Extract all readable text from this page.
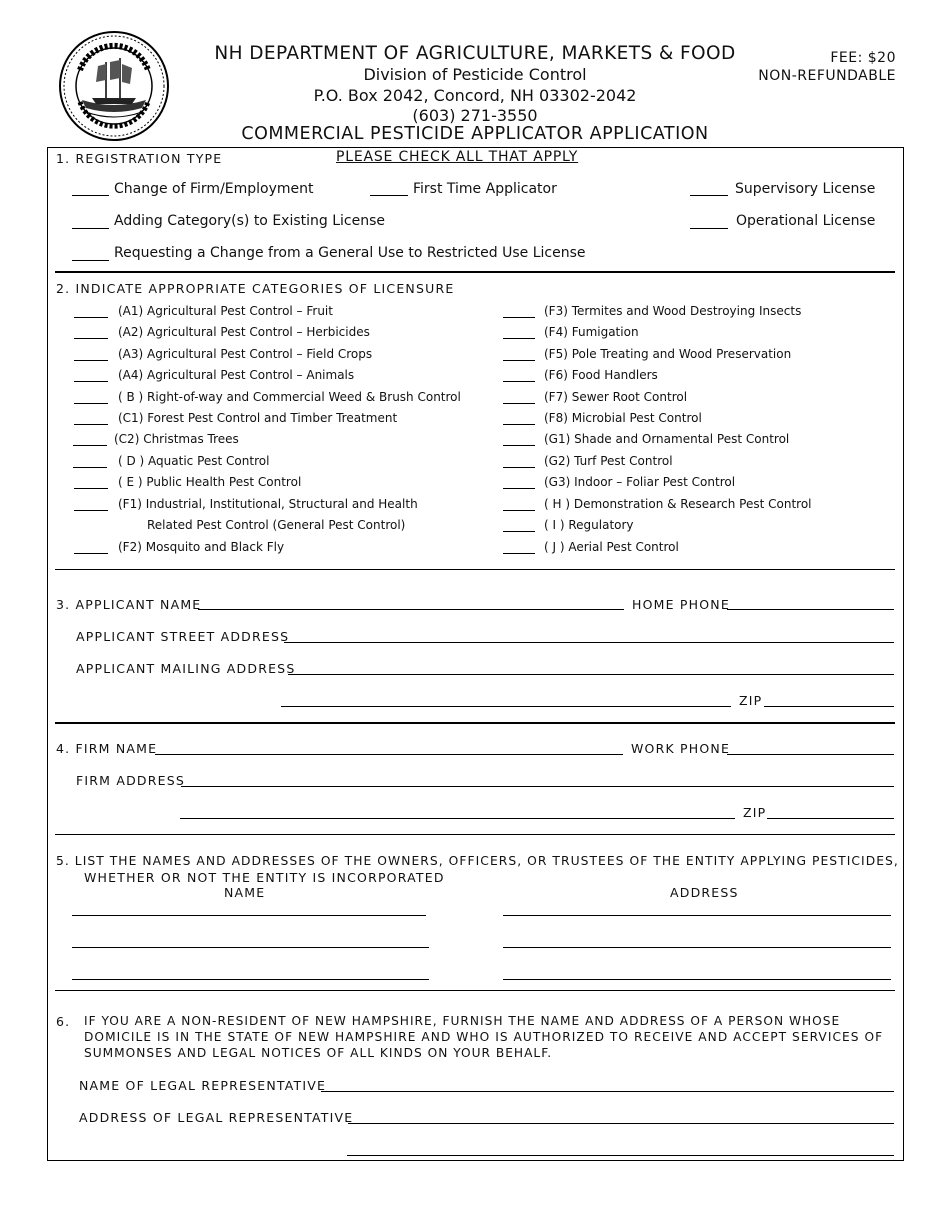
NH DEPARTMENT OF AGRICULTURE, MARKETS & FOOD
Division of Pesticide Control
P.O. Box 2042, Concord, NH 03302-2042
(603) 271-3550
COMMERCIAL PESTICIDE APPLICATOR APPLICATION
FEE: $20
NON-REFUNDABLE
1. REGISTRATION TYPE	PLEASE CHECK ALL THAT APPLY
Change of Firm/Employment	First Time Applicator	Supervisory License
Adding Category(s) to Existing License	Operational License
Requesting a Change from a General Use to Restricted Use License
2. INDICATE APPROPRIATE CATEGORIES OF LICENSURE
(A1) Agricultural Pest Control – Fruit
(A2) Agricultural Pest Control – Herbicides
(A3) Agricultural Pest Control – Field Crops
(A4) Agricultural Pest Control – Animals
( B ) Right-of-way and Commercial Weed & Brush Control
(C1) Forest Pest Control and Timber Treatment
(C2) Christmas Trees
( D ) Aquatic Pest Control
( E ) Public Health Pest Control
(F1) Industrial, Institutional, Structural and Health
Related Pest Control (General Pest Control)
(F2) Mosquito and Black Fly
(F3) Termites and Wood Destroying Insects
(F4) Fumigation
(F5) Pole Treating and Wood Preservation
(F6) Food Handlers
(F7) Sewer Root Control
(F8) Microbial Pest Control
(G1) Shade and Ornamental Pest Control
(G2) Turf Pest Control
(G3) Indoor – Foliar Pest Control
( H ) Demonstration & Research Pest Control
( I ) Regulatory
( J ) Aerial Pest Control
3. APPLICANT NAME	HOME PHONE
APPLICANT STREET ADDRESS
APPLICANT MAILING ADDRESS
ZIP
4. FIRM NAME	WORK PHONE
FIRM ADDRESS
ZIP
5. LIST THE NAMES AND ADDRESSES OF THE OWNERS, OFFICERS, OR TRUSTEES OF THE ENTITY APPLYING PESTICIDES,
WHETHER OR NOT THE ENTITY IS INCORPORATED
NAME	ADDRESS
6. IF YOU ARE A NON-RESIDENT OF NEW HAMPSHIRE, FURNISH THE NAME AND ADDRESS OF A PERSON WHOSE
DOMICILE IS IN THE STATE OF NEW HAMPSHIRE AND WHO IS AUTHORIZED TO RECEIVE AND ACCEPT SERVICES OF
SUMMONSES AND LEGAL NOTICES OF ALL KINDS ON YOUR BEHALF.
NAME OF LEGAL REPRESENTATIVE
ADDRESS OF LEGAL REPRESENTATIVE
